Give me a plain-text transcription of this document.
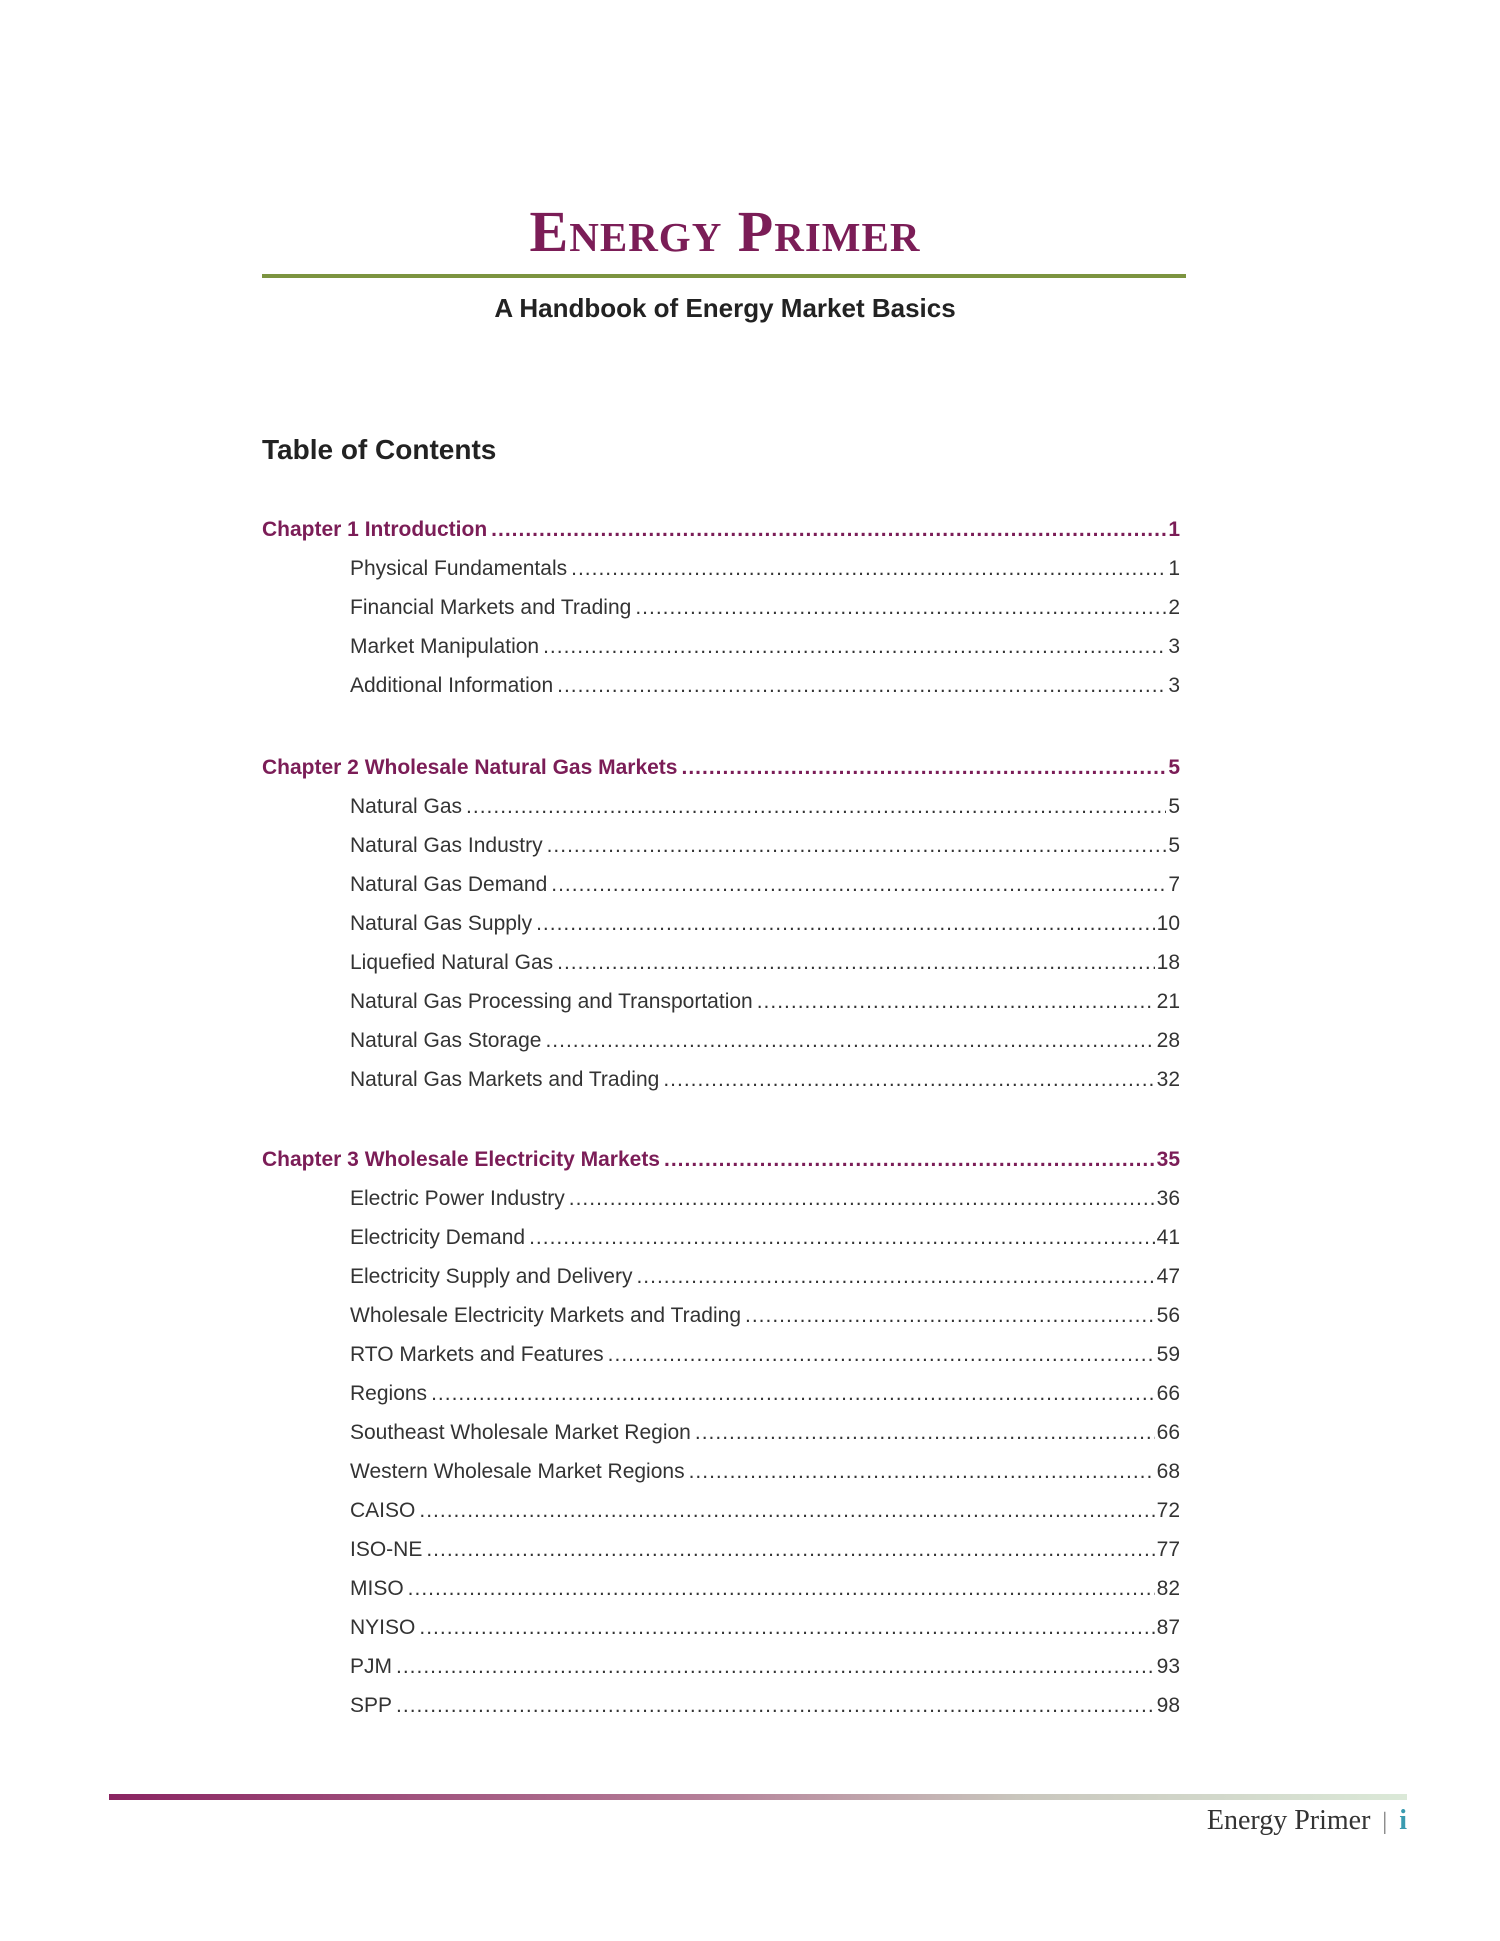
Energy Primer
A Handbook of Energy Market Basics
Table of Contents
Chapter 1 Introduction .....	1
Physical Fundamentals .....	1
Financial Markets and Trading .....	2
Market Manipulation .....	3
Additional Information .....	3
Chapter 2 Wholesale Natural Gas Markets .....	5
Natural Gas .....	5
Natural Gas Industry .....	5
Natural Gas Demand .....	7
Natural Gas Supply .....	10
Liquefied Natural Gas .....	18
Natural Gas Processing and Transportation .....	21
Natural Gas Storage .....	28
Natural Gas Markets and Trading .....	32
Chapter 3 Wholesale Electricity Markets .....	35
Electric Power Industry .....	36
Electricity Demand .....	41
Electricity Supply and Delivery .....	47
Wholesale Electricity Markets and Trading .....	56
RTO Markets and Features .....	59
Regions .....	66
Southeast Wholesale Market Region .....	66
Western Wholesale Market Regions .....	68
CAISO .....	72
ISO-NE .....	77
MISO .....	82
NYISO .....	87
PJM .....	93
SPP .....	98
Energy Primer | i
